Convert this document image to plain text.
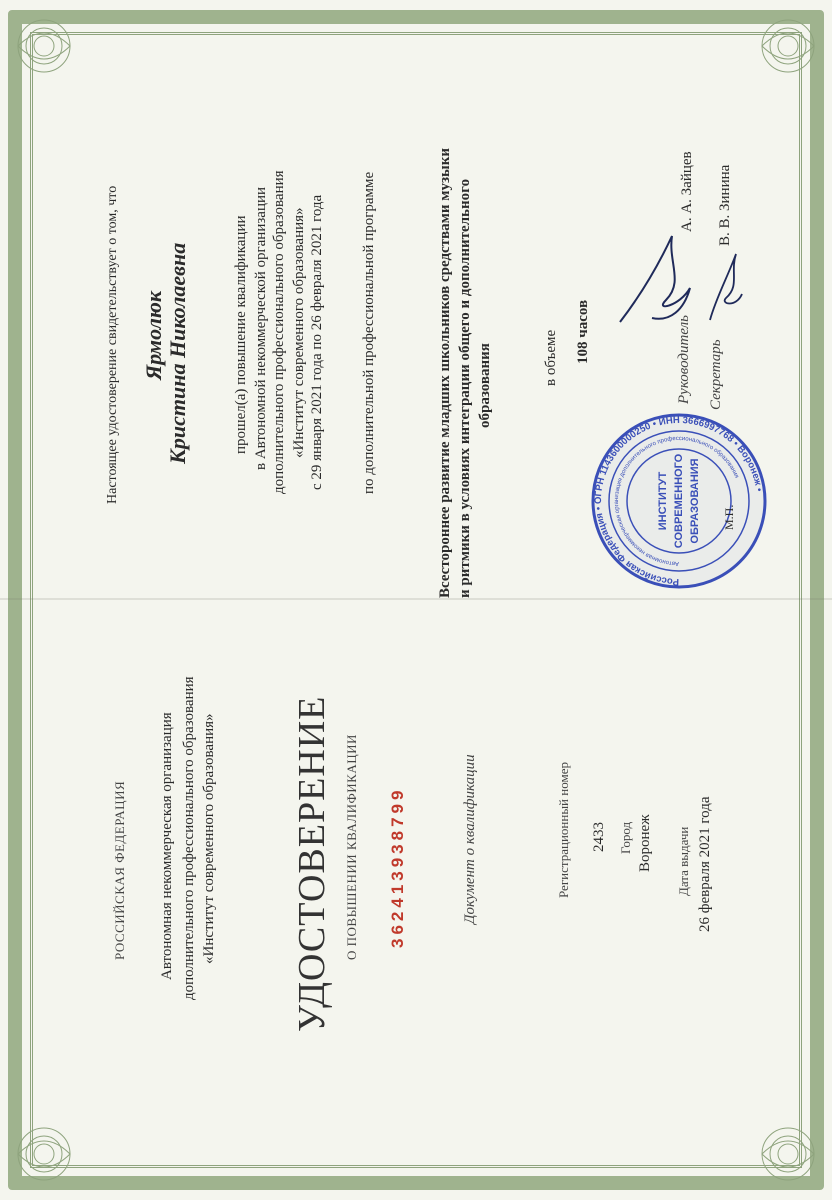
РОССИЙСКАЯ ФЕДЕРАЦИЯ Автономная некоммерческая организация дополнительного профессионального образования «Институт современного образования» УДОСТОВЕРЕНИЕ О ПОВЫШЕНИИ КВАЛИФИКАЦИИ 362413938799	Документ о квалификации	Регистрационный номер 2433 Город Воронеж Дата выдачи 26 февраля 2021 года
Настоящее удостоверение свидетельствует о том, что Ярмолюк Кристина Николаевна	прошел(а) повышение квалификации в Автономной некоммерческой организации дополнительного профессионального образования «Институт современного образования» с 29 января 2021 года по 26 февраля 2021 года по дополнительной профессиональной программе	Всестороннее развитие младших школьников средствами музыки и ритмики в условиях интеграции общего и дополнительного образования	в объеме 108 часов	Руководитель
А. А. Зайцев
Секретарь
В. В. Зинина
Российская Федерация • ОГРН 1143600000250 • ИНН 3666997768 • Воронеж •
Автономная некоммерческая организация дополнительного профессионального образования
ИНСТИТУТ СОВРЕМЕННОГО ОБРАЗОВАНИЯ М.П.
